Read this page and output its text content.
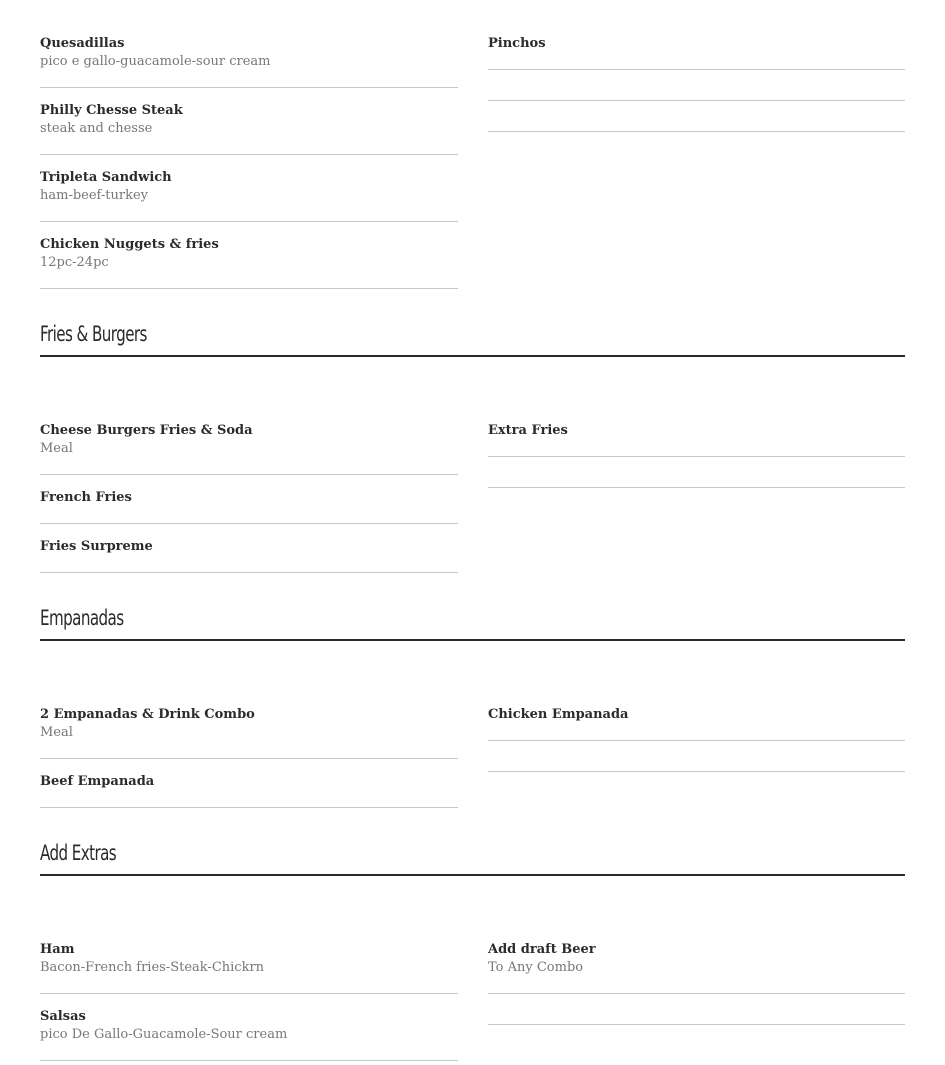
Quesadillas
pico e gallo-guacamole-sour cream
Philly Chesse Steak
steak and chesse
Tripleta Sandwich
ham-beef-turkey
Chicken Nuggets & fries
12pc-24pc
Pinchos
Fries & Burgers
Cheese Burgers Fries & Soda
Meal
French Fries
Fries Surpreme
Extra Fries
Empanadas
2 Empanadas & Drink Combo
Meal
Beef Empanada
Chicken Empanada
Add Extras
Ham
Bacon-French fries-Steak-Chickrn
Salsas
pico De Gallo-Guacamole-Sour cream
Add draft Beer
To Any Combo
